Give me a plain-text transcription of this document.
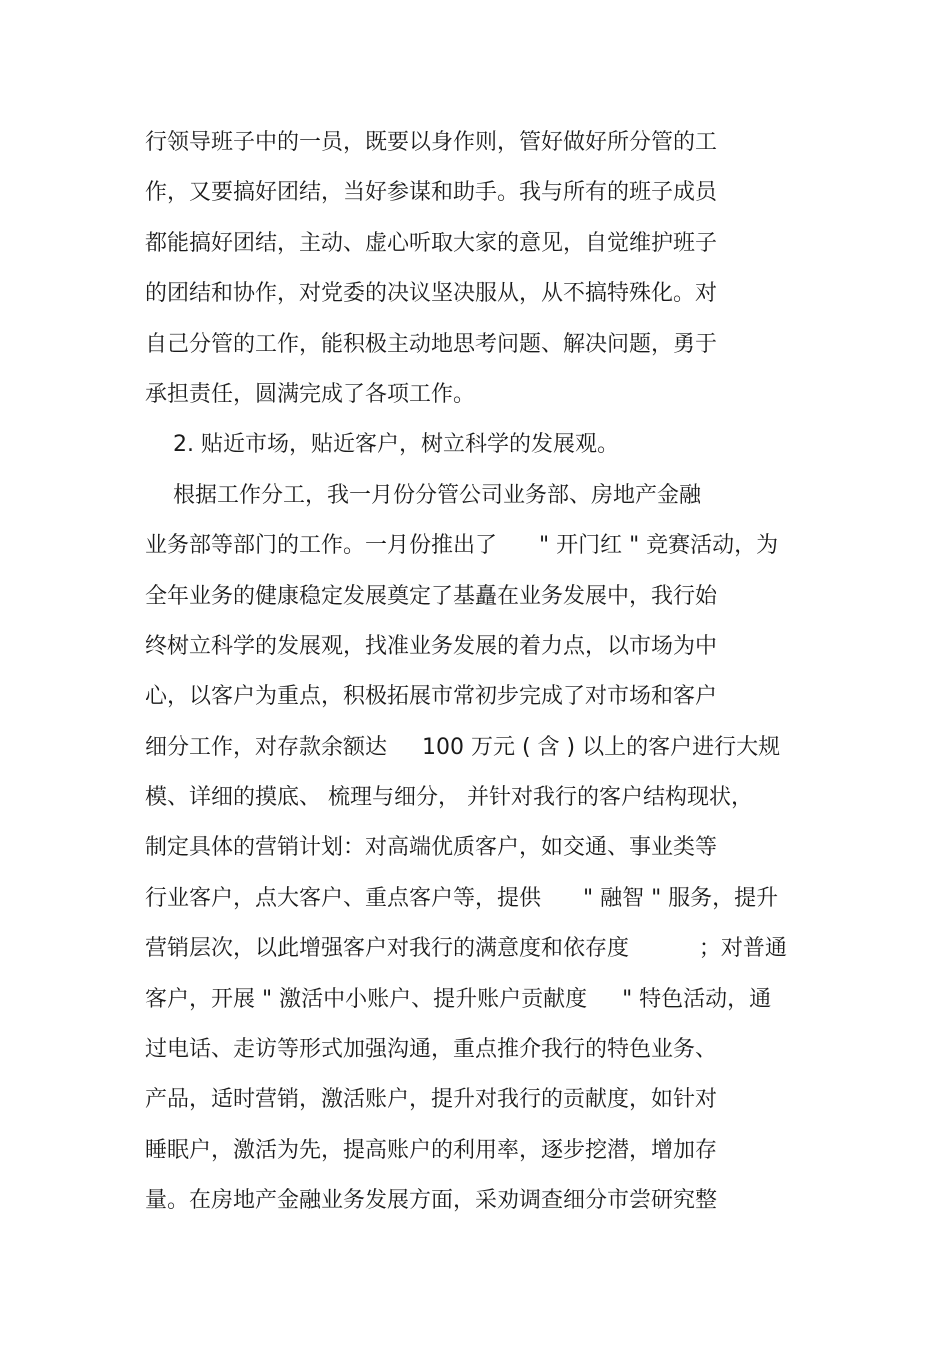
行领导班子中的一员，既要以身作则，管好做好所分管的工
作，又要搞好团结，当好参谋和助手。我与所有的班子成员
都能搞好团结，主动、虚心听取大家的意见，自觉维护班子
的团结和协作，对党委的决议坚决服从，从不搞特殊化。对
自己分管的工作，能积极主动地思考问题、解决问题，勇于
承担责任，圆满完成了各项工作。
2. 贴近市场，贴近客户，树立科学的发展观。
根据工作分工，我一月份分管公司业务部、房地产金融
业务部等部门的工作。一月份推出了      " 开门红 " 竞赛活动，为
全年业务的健康稳定发展奠定了基矗在业务发展中，我行始
终树立科学的发展观，找准业务发展的着力点，以市场为中
心，以客户为重点，积极拓展市常初步完成了对市场和客户
细分工作，对存款余额达     100 万元 ( 含 ) 以上的客户进行大规
模、详细的摸底、 梳理与细分， 并针对我行的客户结构现状，
制定具体的营销计划：对高端优质客户，如交通、事业类等
行业客户，点大客户、重点客户等，提供      " 融智 " 服务，提升
营销层次，以此增强客户对我行的满意度和依存度          ；对普通
客户，开展 " 激活中小账户、提升账户贡献度     " 特色活动，通
过电话、走访等形式加强沟通，重点推介我行的特色业务、
产品，适时营销，激活账户，提升对我行的贡献度，如针对
睡眠户，激活为先，提高账户的利用率，逐步挖潜，增加存
量。在房地产金融业务发展方面，采劝调查细分市尝研究整
